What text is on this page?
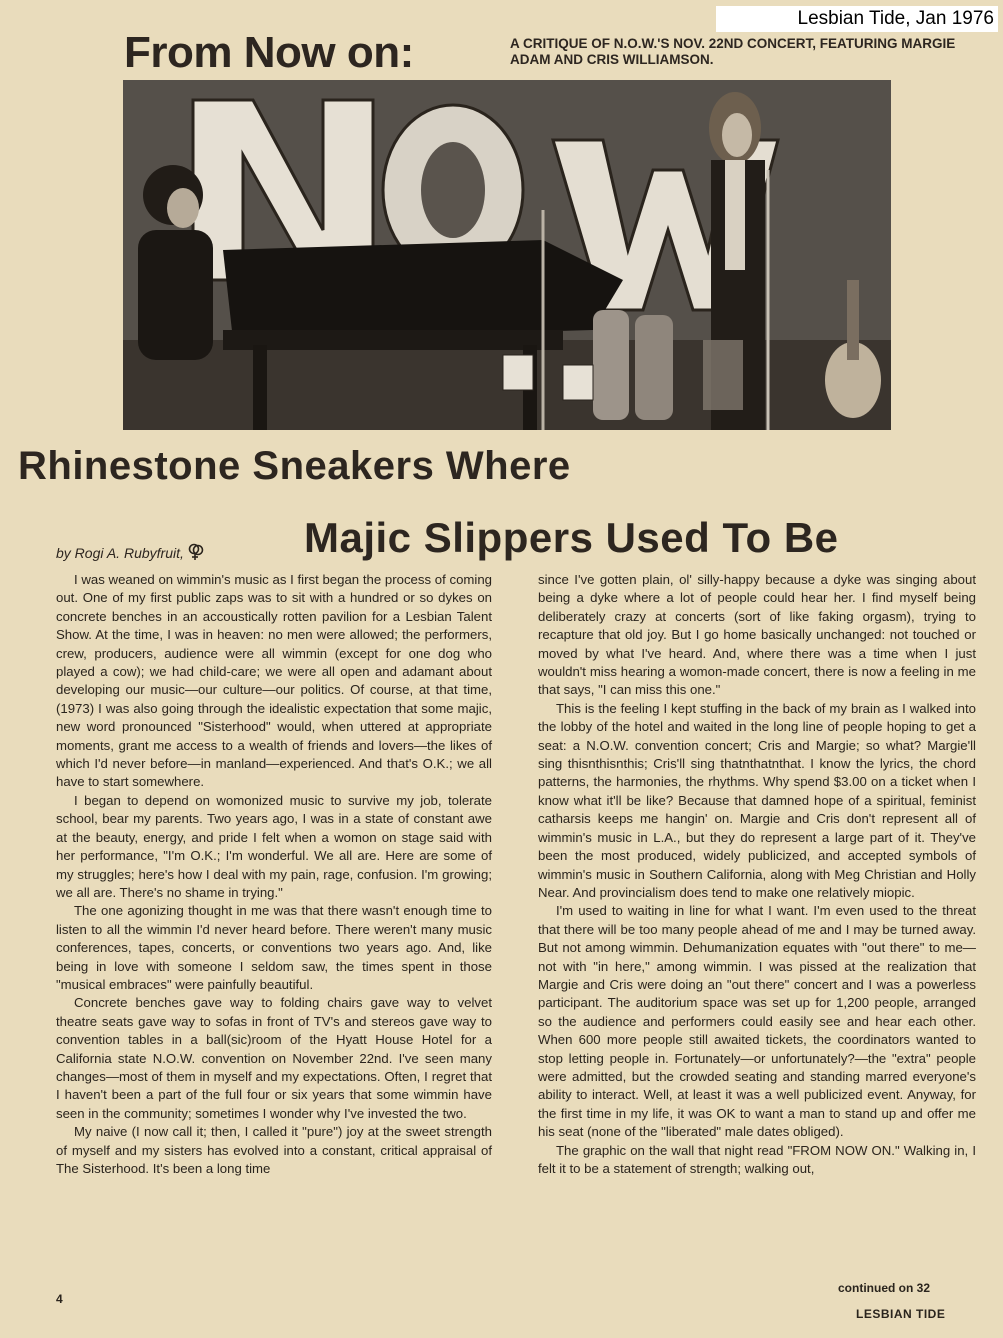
Lesbian Tide, Jan 1976
From Now on:	A CRITIQUE OF N.O.W.'S NOV. 22ND CONCERT, FEATURING MARGIE ADAM AND CRIS WILLIAMSON.
Rhinestone Sneakers Where
by Rogi A. Rubyfruit,	Majic Slippers Used To Be

I was weaned on wimmin's music as I first began the process of coming out. One of my first public zaps was to sit with a hundred or so dykes on concrete benches in an accoustically rotten pavilion for a Lesbian Talent Show. At the time, I was in heaven: no men were allowed; the performers, crew, producers, audience were all wimmin (except for one dog who played a cow); we had child-care; we were all open and adamant about developing our music—our culture—our politics. Of course, at that time, (1973) I was also going through the idealistic expectation that some majic, new word pronounced "Sisterhood" would, when uttered at appropriate moments, grant me access to a wealth of friends and lovers—the likes of which I'd never before—in manland—experienced. And that's O.K.; we all have to start somewhere.

I began to depend on womonized music to survive my job, tolerate school, bear my parents. Two years ago, I was in a state of constant awe at the beauty, energy, and pride I felt when a womon on stage said with her performance, "I'm O.K.; I'm wonderful. We all are. Here are some of my struggles; here's how I deal with my pain, rage, confusion. I'm growing; we all are. There's no shame in trying."

The one agonizing thought in me was that there wasn't enough time to listen to all the wimmin I'd never heard before. There weren't many music conferences, tapes, concerts, or conventions two years ago. And, like being in love with someone I seldom saw, the times spent in those "musical embraces" were painfully beautiful.

Concrete benches gave way to folding chairs gave way to velvet theatre seats gave way to sofas in front of TV's and stereos gave way to convention tables in a ball(sic)room of the Hyatt House Hotel for a California state N.O.W. convention on November 22nd. I've seen many changes—most of them in myself and my expectations. Often, I regret that I haven't been a part of the full four or six years that some wimmin have seen in the community; sometimes I wonder why I've invested the two.

My naive (I now call it; then, I called it "pure") joy at the sweet strength of myself and my sisters has evolved into a constant, critical appraisal of The Sisterhood. It's been a long time

since I've gotten plain, ol' silly-happy because a dyke was singing about being a dyke where a lot of people could hear her. I find myself being deliberately crazy at concerts (sort of like faking orgasm), trying to recapture that old joy. But I go home basically unchanged: not touched or moved by what I've heard. And, where there was a time when I just wouldn't miss hearing a womon-made concert, there is now a feeling in me that says, "I can miss this one."

This is the feeling I kept stuffing in the back of my brain as I walked into the lobby of the hotel and waited in the long line of people hoping to get a seat: a N.O.W. convention concert; Cris and Margie; so what? Margie'll sing thisnthisnthis; Cris'll sing thatnthatnthat. I know the lyrics, the chord patterns, the harmonies, the rhythms. Why spend $3.00 on a ticket when I know what it'll be like? Because that damned hope of a spiritual, feminist catharsis keeps me hangin' on. Margie and Cris don't represent all of wimmin's music in L.A., but they do represent a large part of it. They've been the most produced, widely publicized, and accepted symbols of wimmin's music in Southern California, along with Meg Christian and Holly Near. And provincialism does tend to make one relatively miopic.

I'm used to waiting in line for what I want. I'm even used to the threat that there will be too many people ahead of me and I may be turned away. But not among wimmin. Dehumanization equates with "out there" to me—not with "in here," among wimmin. I was pissed at the realization that Margie and Cris were doing an "out there" concert and I was a powerless participant. The auditorium space was set up for 1,200 people, arranged so the audience and performers could easily see and hear each other. When 600 more people still awaited tickets, the coordinators wanted to stop letting people in. Fortunately—or unfortunately?—the "extra" people were admitted, but the crowded seating and standing marred everyone's ability to interact. Well, at least it was a well publicized event. Anyway, for the first time in my life, it was OK to want a man to stand up and offer me his seat (none of the "liberated" male dates obliged).

The graphic on the wall that night read "FROM NOW ON." Walking in, I felt it to be a statement of strength; walking out,

continued on 32
4
LESBIAN TIDE
